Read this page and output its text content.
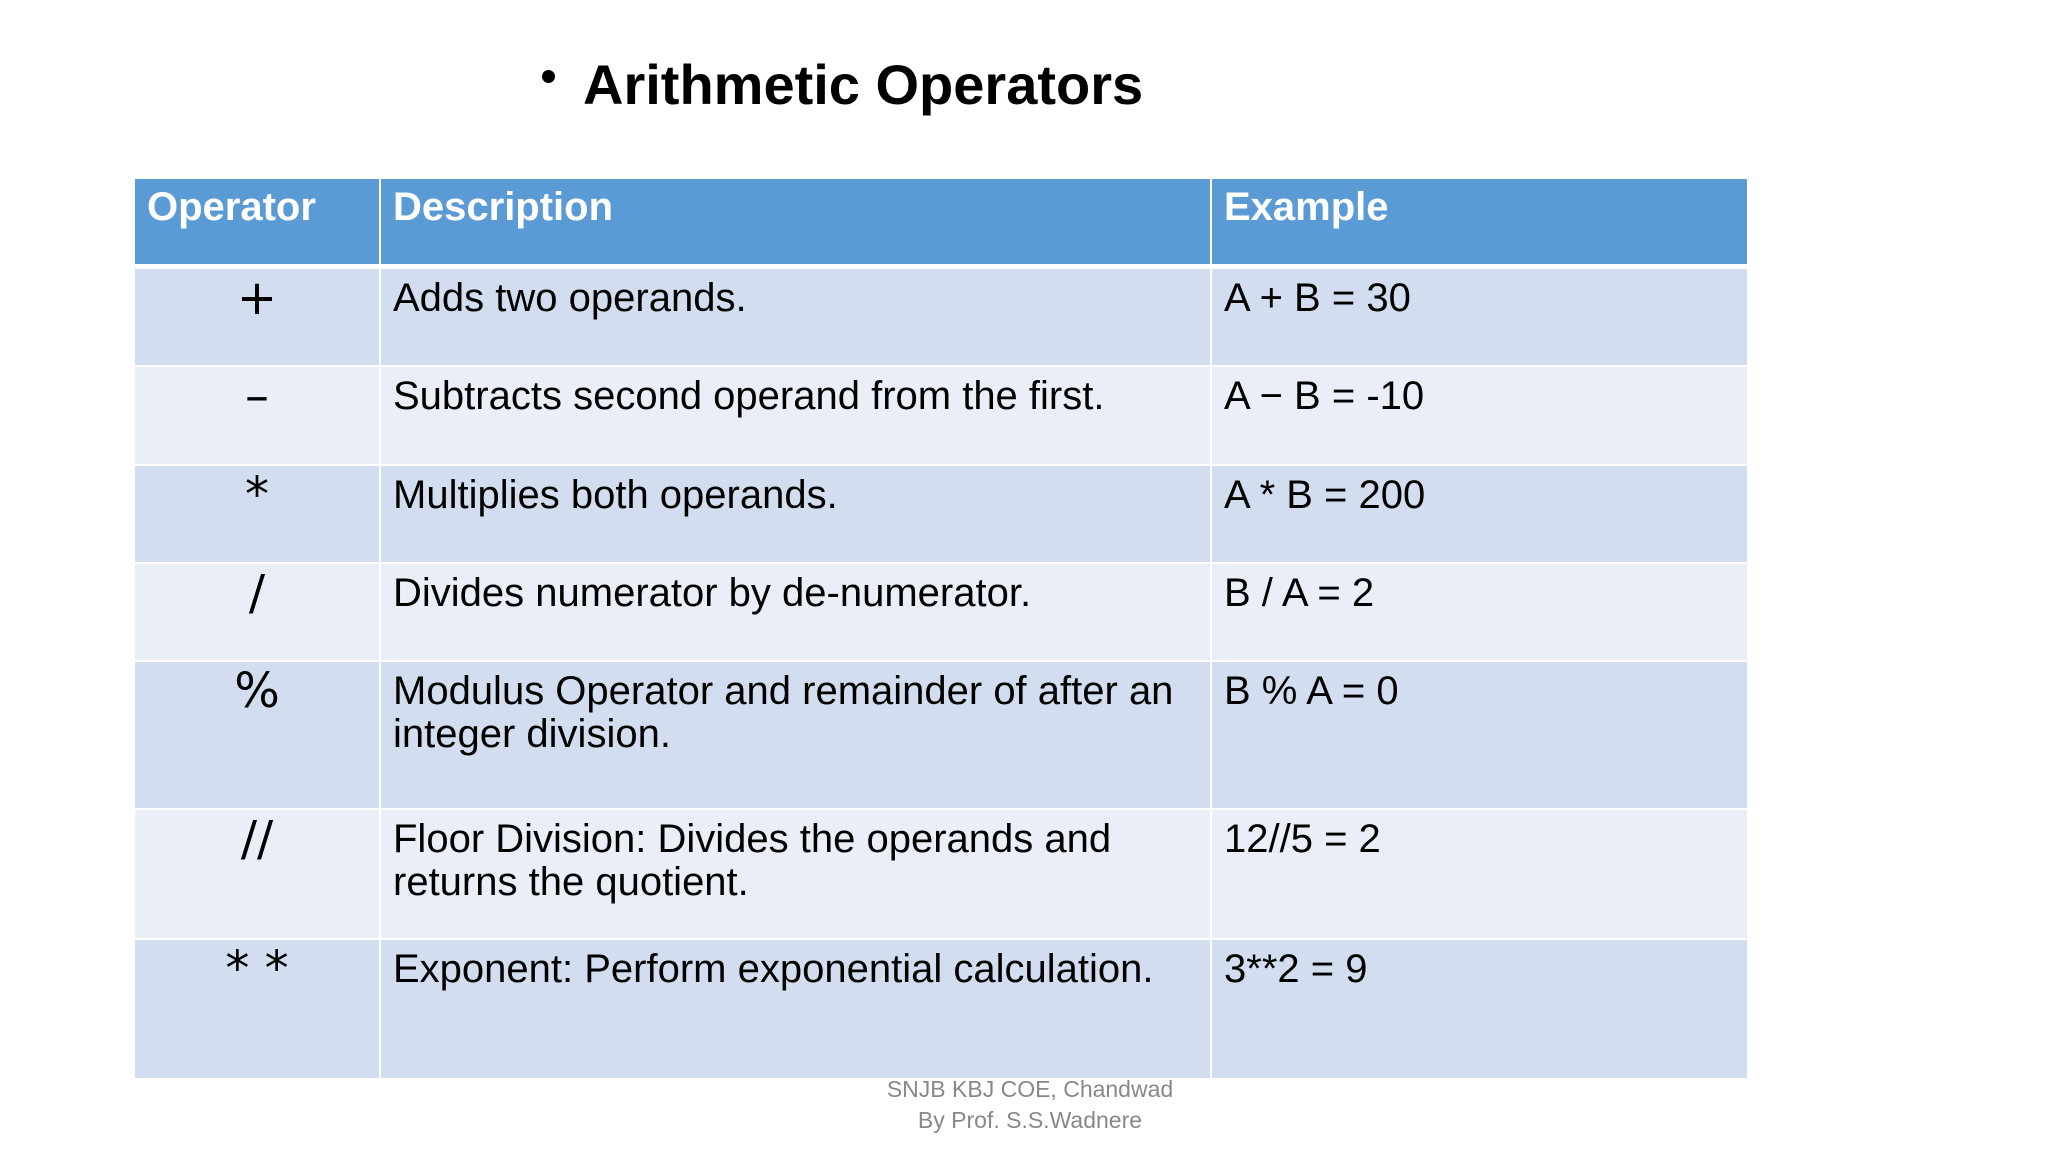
Arithmetic Operators
Operator	Description	Example
+	Adds two operands.	A + B = 30
–	Subtracts second operand from the first.	A − B = -10
*	Multiplies both operands.	A * B = 200
/	Divides numerator by de-numerator.	B / A = 2
%	Modulus Operator and remainder of after an integer division.	B % A = 0
//	Floor Division: Divides the operands and returns the quotient.	12//5 = 2
* *	Exponent: Perform exponential calculation.	3**2 = 9
SNJB KBJ COE, Chandwad
By Prof. S.S.Wadnere
